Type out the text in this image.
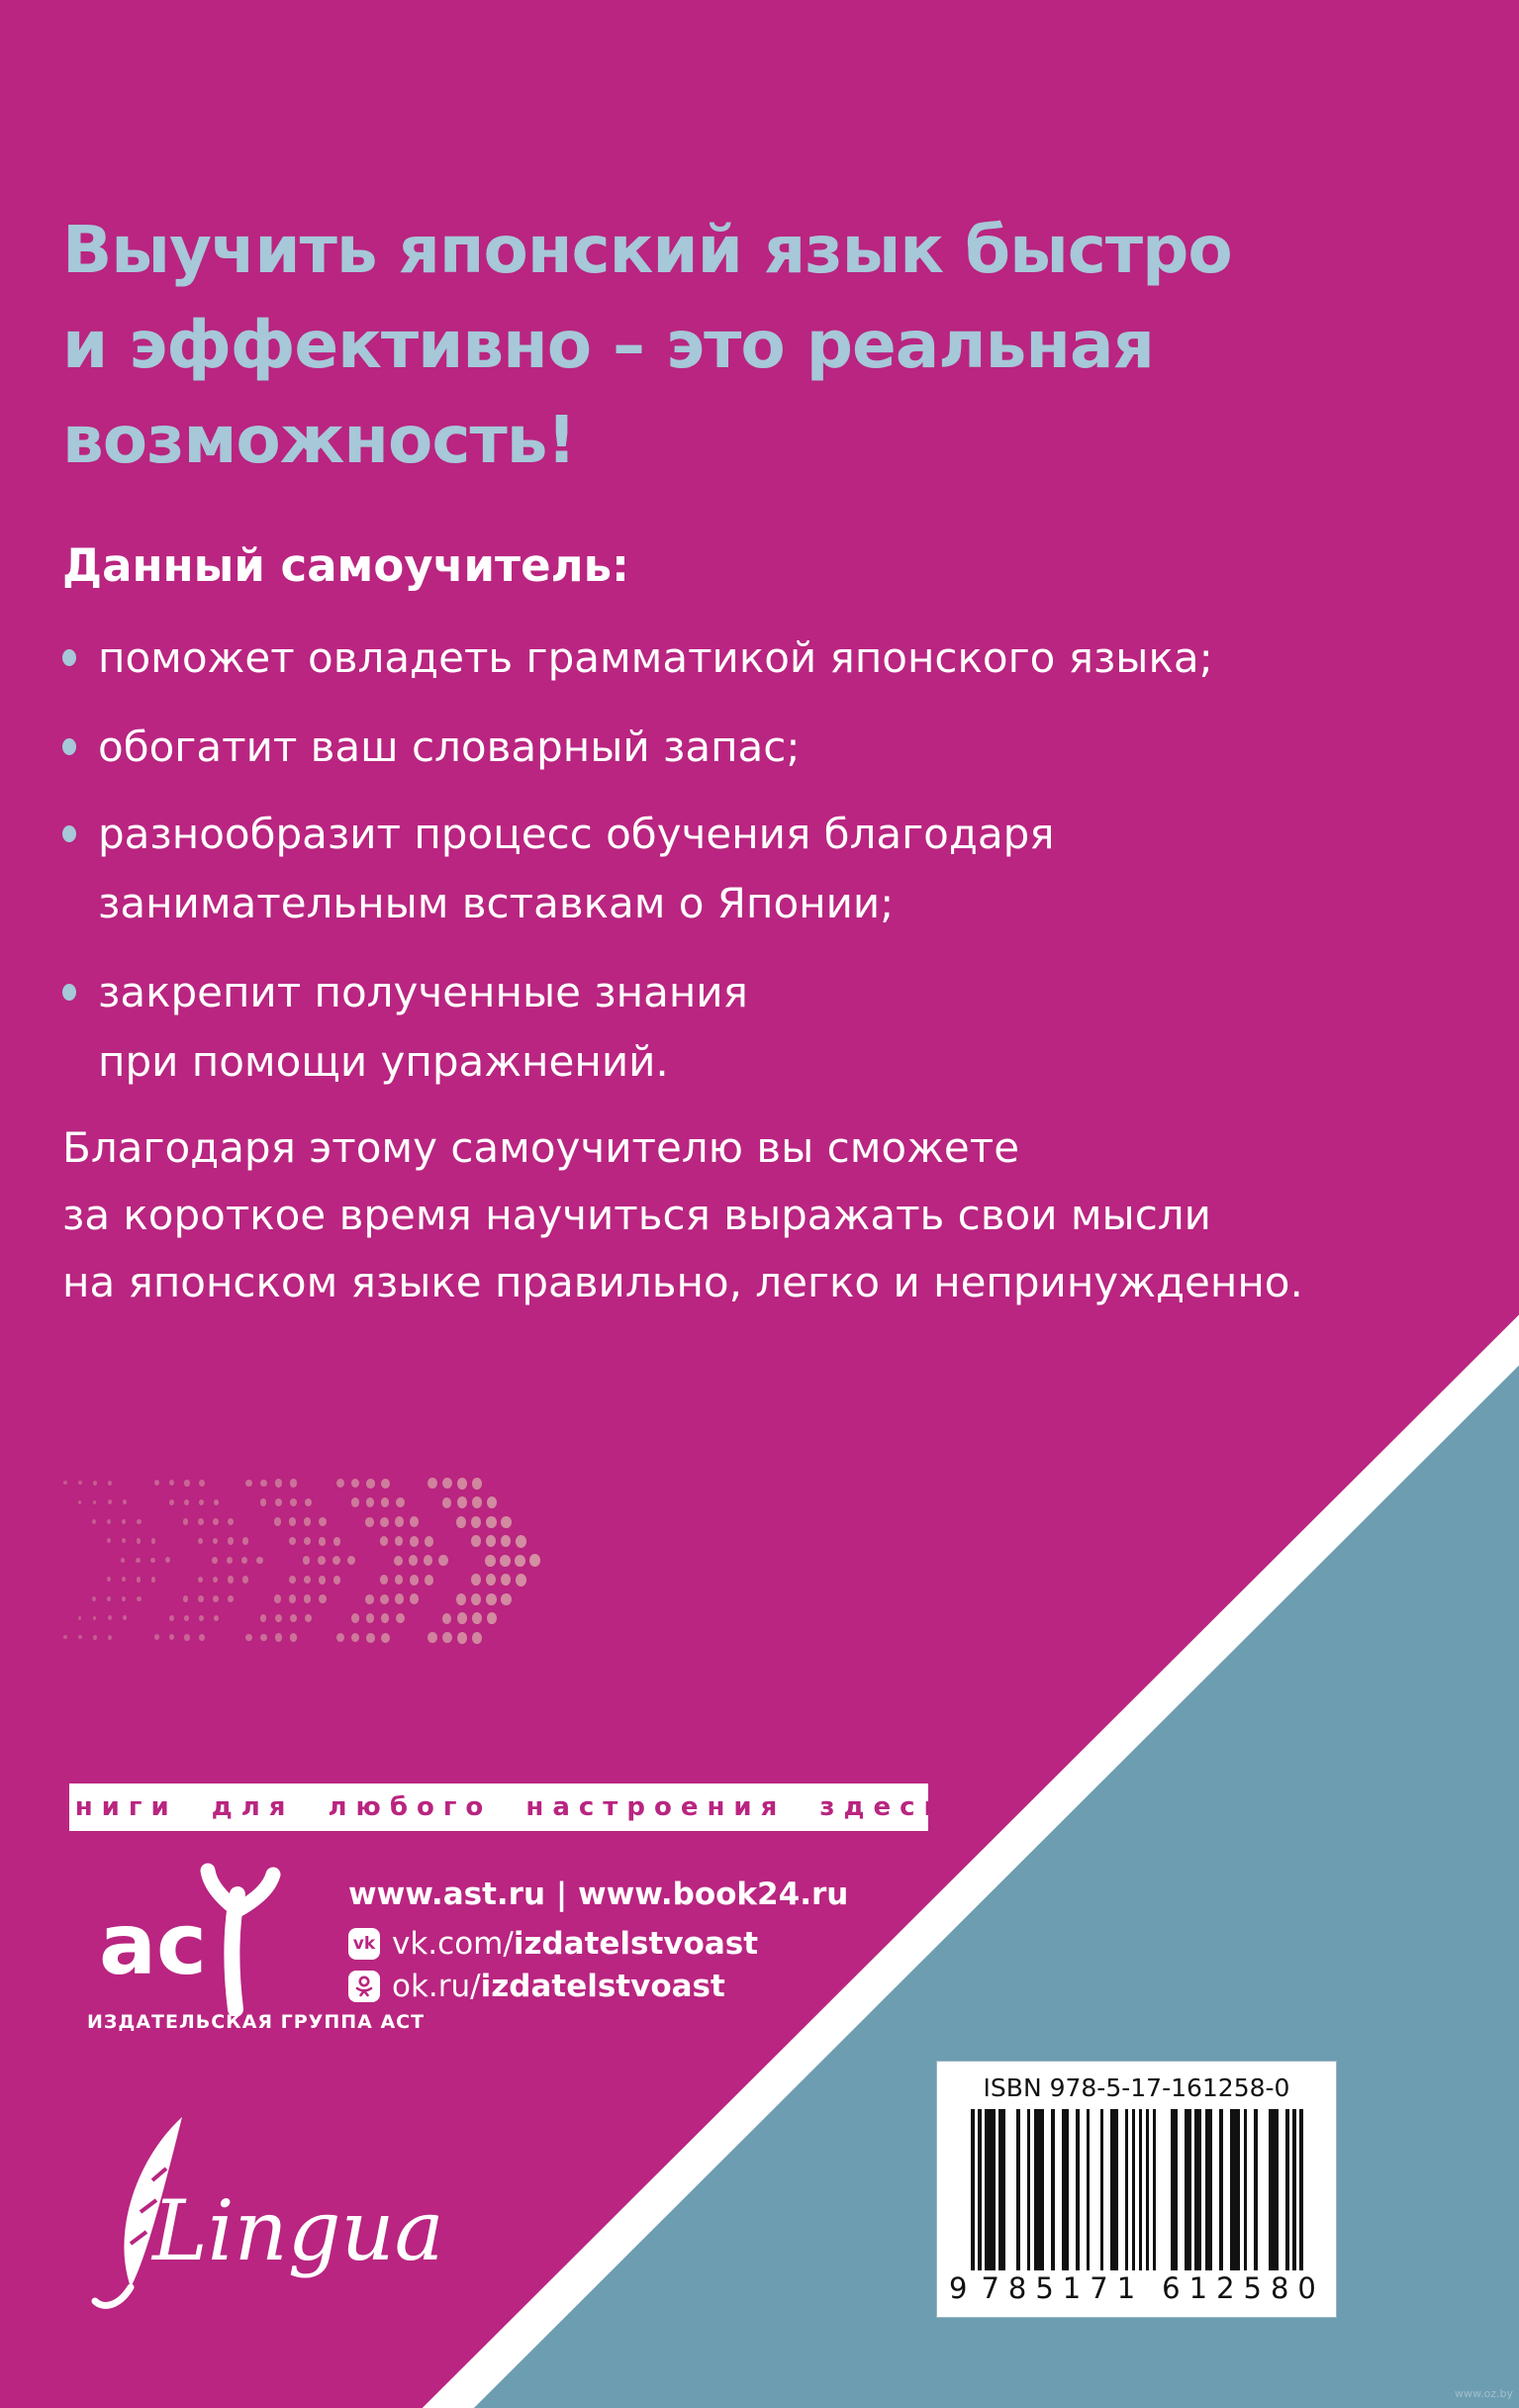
Выучить японский язык быстро
и эффективно – это реальная
возможность!
Данный самоучитель:
поможет овладеть грамматикой японского языка;
обогатит ваш словарный запас;
разнообразит процесс обучения благодаря
занимательным вставкам о Японии;
закрепит полученные знания
при помощи упражнений.
Благодаря этому самоучителю вы сможете
за короткое время научиться выражать свои мысли
на японском языке правильно, легко и непринужденно.
книги для любого настроения здесь
ac
ИЗДАТЕЛЬСКАЯ ГРУППА АСТ
www.ast.ru | www.book24.ru
vk vk.com/izdatelstvoast
ok.ru/izdatelstvoast
Lingua
ISBN 978-5-17-161258-0
9 785171 612580
www.oz.by
